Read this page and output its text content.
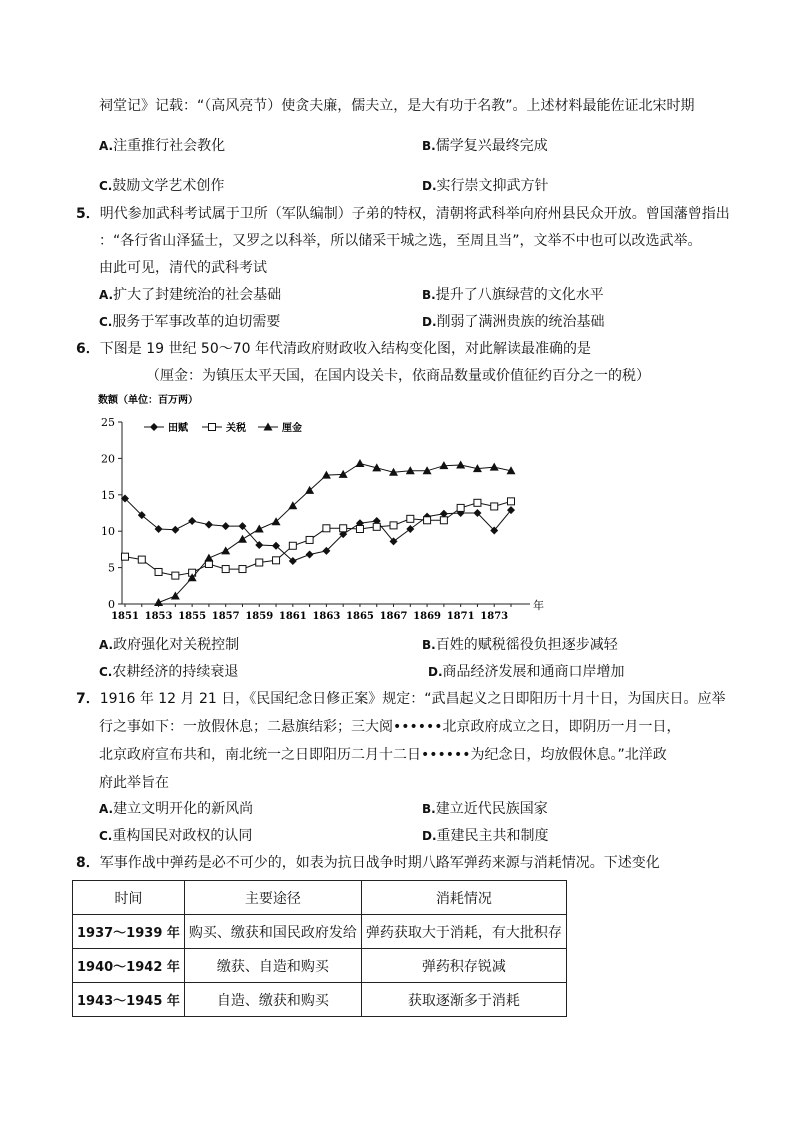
祠堂记》记载：“（高风亮节）使贪夫廉，儒夫立，是大有功于名教”。上述材料最能佐证北宋时期
A.注重推行社会教化	B.儒学复兴最终完成
C.鼓励文学艺术创作	D.实行崇文抑武方针
5．明代参加武科考试属于卫所（军队编制）子弟的特权，清朝将武科举向府州县民众开放。曾国藩曾指出
：“各行省山泽猛士，又罗之以科举，所以储采干城之选，至周且当”，文举不中也可以改选武举。
由此可见，清代的武科考试
A.扩大了封建统治的社会基础	B.提升了八旗绿营的文化水平
C.服务于军事改革的迫切需要	D.削弱了满洲贵族的统治基础
6．下图是 19 世纪 50～70 年代清政府财政收入结构变化图，对此解读最准确的是
（厘金：为镇压太平天国，在国内设关卡，依商品数量或价值征约百分之一的税）
数额（单位：百万两）
年
0
5
10
15
20
25
1851 1853 1855 1857 1859 1861 1863 1865 1867 1869 1871 1873
田赋	关税	厘金
A.政府强化对关税控制	B.百姓的赋税徭役负担逐步减轻
C.农耕经济的持续衰退	D.商品经济发展和通商口岸增加
7．1916 年 12 月 21 日，《民国纪念日修正案》规定：“武昌起义之日即阳历十月十日，为国庆日。应举
行之事如下：一放假休息；二悬旗结彩；三大阅••••••北京政府成立之日，即阴历一月一日，
北京政府宣布共和，南北统一之日即阳历二月十二日••••••为纪念日，均放假休息。”北洋政
府此举旨在
A.建立文明开化的新风尚	B.建立近代民族国家
C.重构国民对政权的认同	D.重建民主共和制度
8．军事作战中弹药是必不可少的，如表为抗日战争时期八路军弹药来源与消耗情况。下述变化
时间	主要途径	消耗情况
1937～1939 年	购买、缴获和国民政府发给	弹药获取大于消耗，有大批积存
1940～1942 年	缴获、自造和购买	弹药积存锐减
1943～1945 年	自造、缴获和购买	获取逐渐多于消耗
